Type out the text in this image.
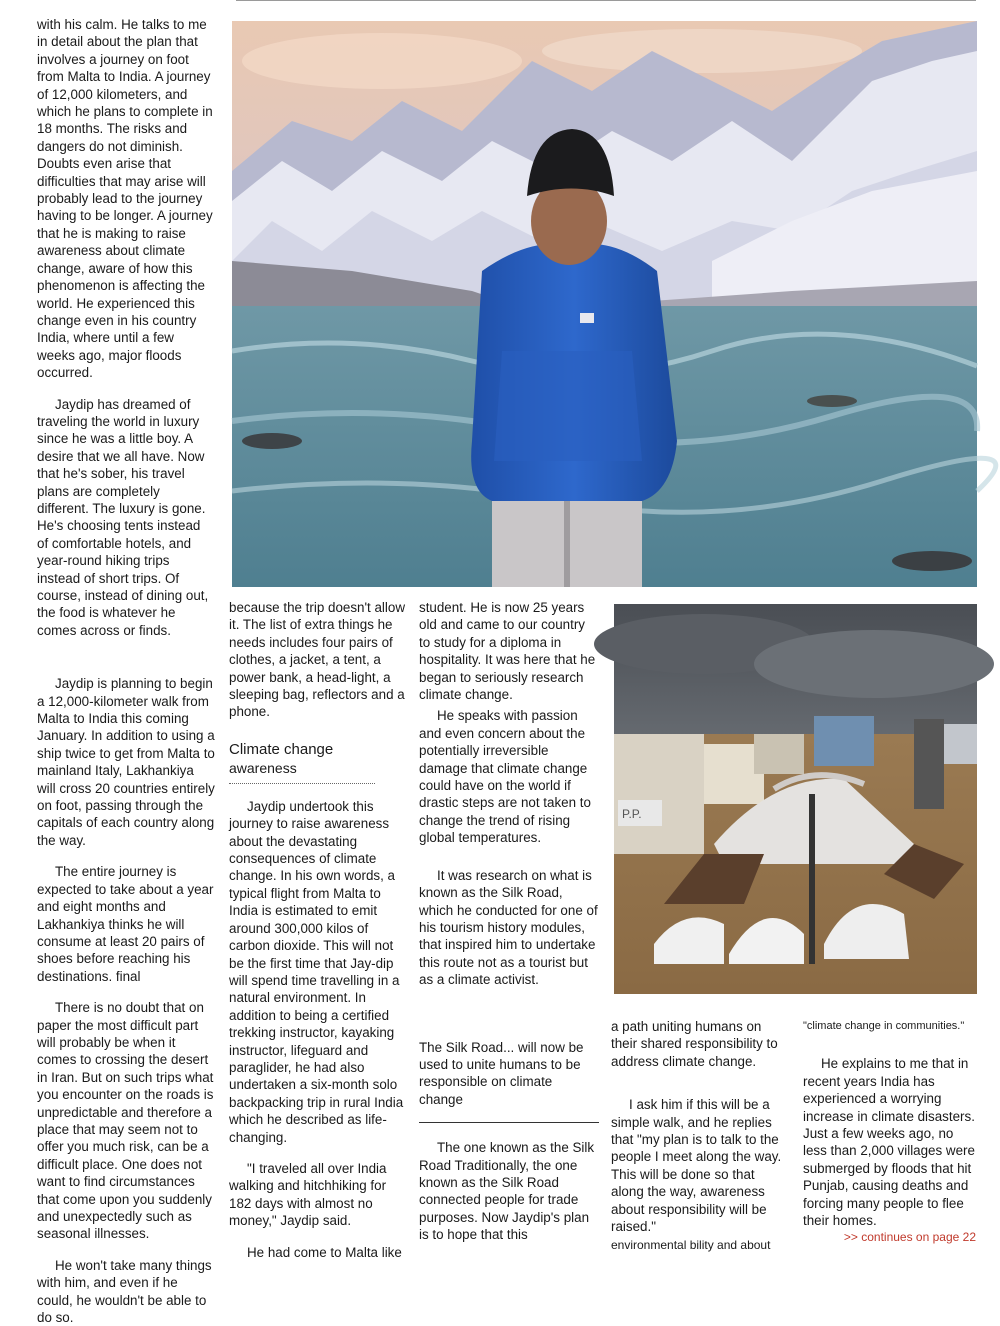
with his calm. He talks to me in detail about the plan that involves a journey on foot from Malta to India. A journey of 12,000 kilometers, and which he plans to complete in 18 months. The risks and dangers do not diminish. Doubts even arise that difficulties that may arise will probably lead to the journey having to be longer. A journey that he is making to raise awareness about climate change, aware of how this phenomenon is affecting the world. He experienced this change even in his country India, where until a few weeks ago, major floods occurred.

Jaydip has dreamed of traveling the world in luxury since he was a little boy. A desire that we all have. Now that he's sober, his travel plans are completely different. The luxury is gone. He's choosing tents instead of comfortable hotels, and year-round hiking trips instead of short trips. Of course, instead of dining out, the food is whatever he comes across or finds.

Jaydip is planning to begin a 12,000-kilometer walk from Malta to India this coming January. In addition to using a ship twice to get from Malta to mainland Italy, Lakhankiya will cross 20 countries entirely on foot, passing through the capitals of each country along the way.

The entire journey is expected to take about a year and eight months and Lakhankiya thinks he will consume at least 20 pairs of shoes before reaching his destinations. final

There is no doubt that on paper the most difficult part will probably be when it comes to crossing the desert in Iran. But on such trips what you encounter on the roads is unpredictable and therefore a place that may seem not to offer you much risk, can be a difficult place. One does not want to find circumstances that come upon you suddenly and unexpectedly such as seasonal illnesses.

He won't take many things with him, and even if he could, he wouldn't be able to do so.

because the trip doesn't allow it. The list of extra things he needs includes four pairs of clothes, a jacket, a tent, a power bank, a head-light, a sleeping bag, reflectors and a phone.

Climate change
awareness

Jaydip undertook this journey to raise awareness about the devastating consequences of climate change. In his own words, a typical flight from Malta to India is estimated to emit around 300,000 kilos of carbon dioxide. This will not be the first time that Jay-dip will spend time travelling in a natural environment. In addition to being a certified trekking instructor, kayaking instructor, lifeguard and paraglider, he had also undertaken a six-month solo backpacking trip in rural India which he described as life-changing.

"I traveled all over India walking and hitchhiking for 182 days with almost no money," Jaydip said.

He had come to Malta like

student. He is now 25 years old and came to our country to study for a diploma in hospitality. It was here that he began to seriously research climate change.

He speaks with passion and even concern about the potentially irreversible damage that climate change could have on the world if drastic steps are not taken to change the trend of rising global temperatures.

It was research on what is known as the Silk Road, which he conducted for one of his tourism history modules, that inspired him to undertake this route not as a tourist but as a climate activist.

The Silk Road... will now be used to unite humans to be responsible on climate change

The one known as the Silk Road Traditionally, the one known as the Silk Road connected people for trade purposes. Now Jaydip's plan is to hope that this

P.P.

a path uniting humans on their shared responsibility to address climate change.

I ask him if this will be a simple walk, and he replies that "my plan is to talk to the people I meet along the way. This will be done so that along the way, awareness about responsibility will be raised."

environmental bility and about

"climate change in communities."

He explains to me that in recent years India has experienced a worrying increase in climate disasters. Just a few weeks ago, no less than 2,000 villages were submerged by floods that hit Punjab, causing deaths and forcing many people to flee their homes.

>> continues on page 22
